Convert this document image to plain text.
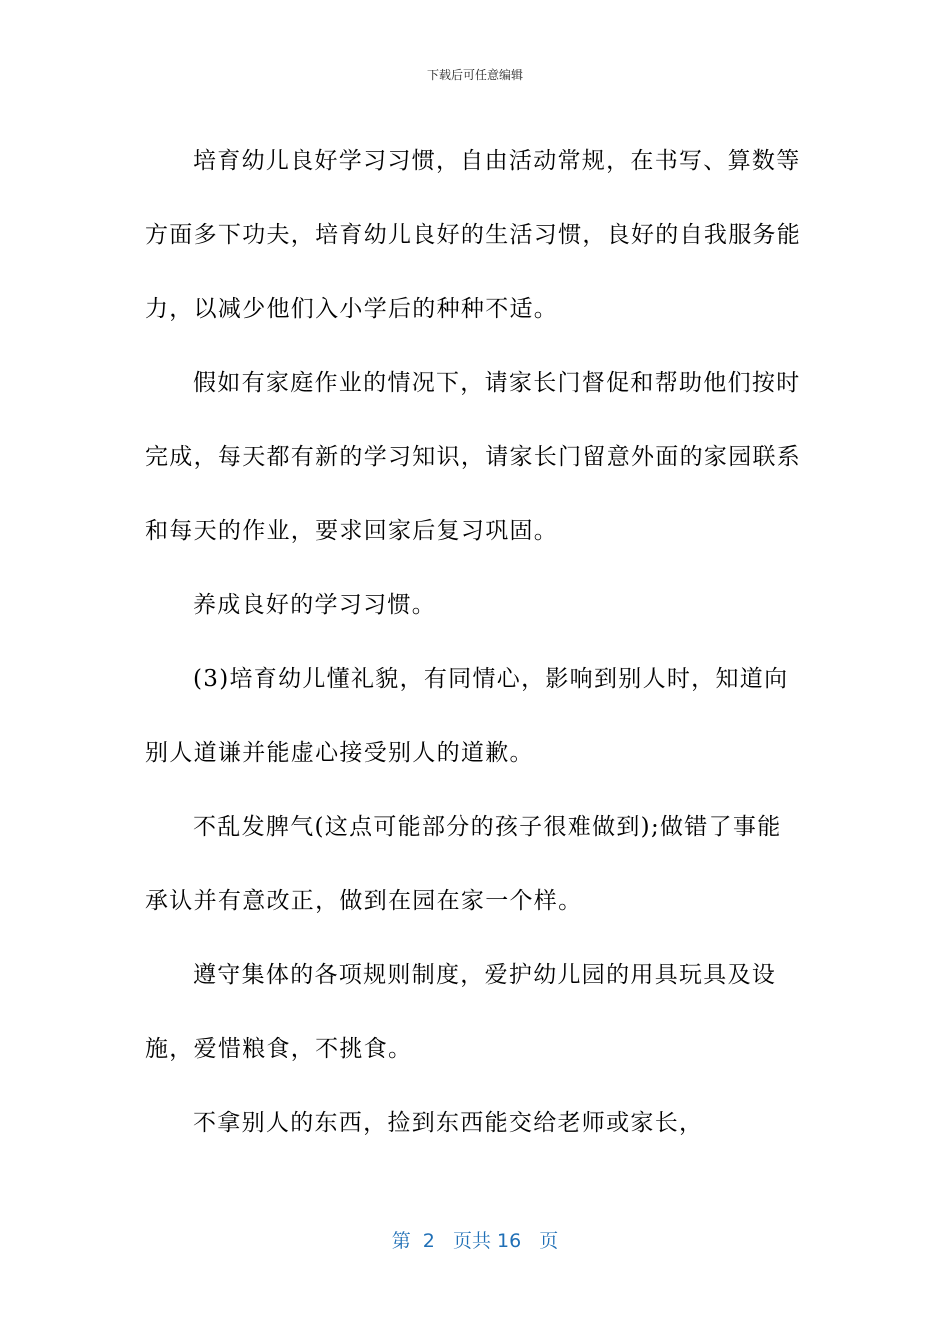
下载后可任意编辑

培育幼儿良好学习习惯，自由活动常规，在书写、算数等方面多下功夫，培育幼儿良好的生活习惯，良好的自我服务能力，以减少他们入小学后的种种不适。

假如有家庭作业的情况下，请家长门督促和帮助他们按时完成，每天都有新的学习知识，请家长门留意外面的家园联系和每天的作业，要求回家后复习巩固。

养成良好的学习习惯。

(3)培育幼儿懂礼貌，有同情心，影响到别人时，知道向别人道谦并能虚心接受别人的道歉。

不乱发脾气(这点可能部分的孩子很难做到);做错了事能承认并有意改正，做到在园在家一个样。

遵守集体的各项规则制度，爱护幼儿园的用具玩具及设施，爱惜粮食，不挑食。

不拿别人的东西，捡到东西能交给老师或家长，

第  2   页共 16   页
